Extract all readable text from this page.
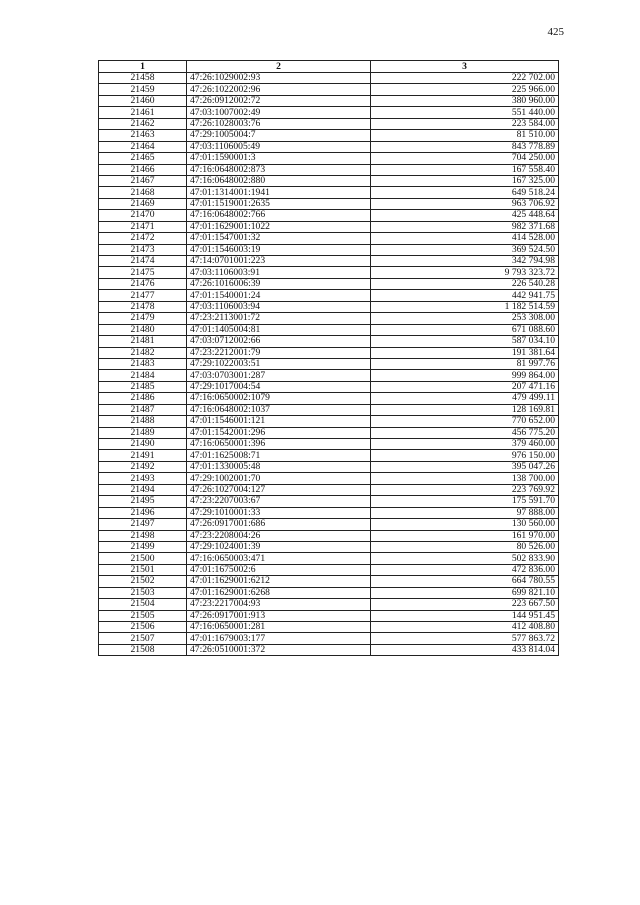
425
1	2	3
21458	47:26:1029002:93	222 702.00
21459	47:26:1022002:96	225 966.00
21460	47:26:0912002:72	380 960.00
21461	47:03:1007002:49	551 440.00
21462	47:26:1028003:76	223 584.00
21463	47:29:1005004:7	81 510.00
21464	47:03:1106005:49	843 778.89
21465	47:01:1590001:3	704 250.00
21466	47:16:0648002:873	167 558.40
21467	47:16:0648002:880	167 325.00
21468	47:01:1314001:1941	649 518.24
21469	47:01:1519001:2635	963 706.92
21470	47:16:0648002:766	425 448.64
21471	47:01:1629001:1022	982 371.68
21472	47:01:1547001:32	414 528.00
21473	47:01:1546003:19	369 524.50
21474	47:14:0701001:223	342 794.98
21475	47:03:1106003:91	9 793 323.72
21476	47:26:1016006:39	226 540.28
21477	47:01:1540001:24	442 941.75
21478	47:03:1106003:94	1 182 514.59
21479	47:23:2113001:72	253 308.00
21480	47:01:1405004:81	671 088.60
21481	47:03:0712002:66	587 034.10
21482	47:23:2212001:79	191 381.64
21483	47:29:1022003:51	81 997.76
21484	47:03:0703001:287	999 864.00
21485	47:29:1017004:54	207 471.16
21486	47:16:0650002:1079	479 499.11
21487	47:16:0648002:1037	128 169.81
21488	47:01:1546001:121	770 652.00
21489	47:01:1542001:296	456 775.20
21490	47:16:0650001:396	379 460.00
21491	47:01:1625008:71	976 150.00
21492	47:01:1330005:48	395 047.26
21493	47:29:1002001:70	138 700.00
21494	47:26:1027004:127	223 769.92
21495	47:23:2207003:67	175 591.70
21496	47:29:1010001:33	97 888.00
21497	47:26:0917001:686	130 560.00
21498	47:23:2208004:26	161 970.00
21499	47:29:1024001:39	80 526.00
21500	47:16:0650003:471	502 833.90
21501	47:01:1675002:6	472 836.00
21502	47:01:1629001:6212	664 780.55
21503	47:01:1629001:6268	699 821.10
21504	47:23:2217004:93	223 667.50
21505	47:26:0917001:913	144 951.45
21506	47:16:0650001:281	412 408.80
21507	47:01:1679003:177	577 863.72
21508	47:26:0510001:372	433 814.04
